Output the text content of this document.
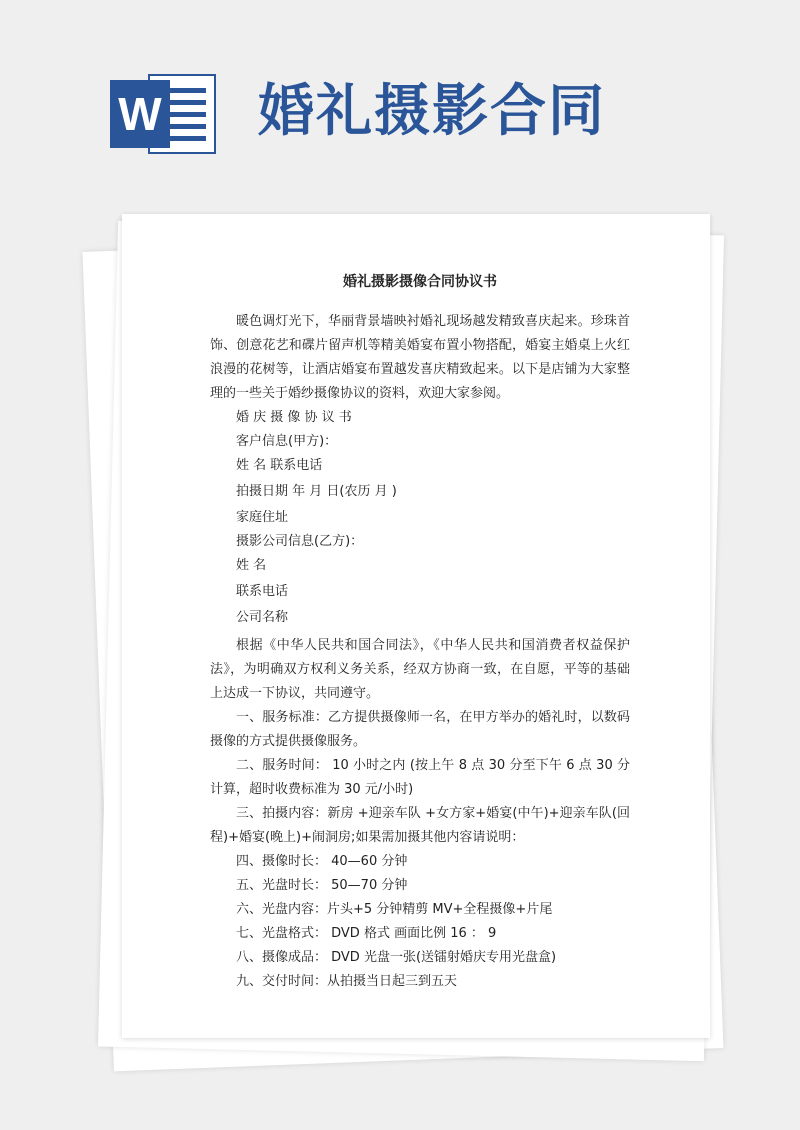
W 婚礼摄影合同
婚礼摄影摄像合同协议书

暖色调灯光下，华丽背景墙映衬婚礼现场越发精致喜庆起来。珍珠首饰、创意花艺和碟片留声机等精美婚宴布置小物搭配，婚宴主婚桌上火红浪漫的花树等，让酒店婚宴布置越发喜庆精致起来。以下是店铺为大家整理的一些关于婚纱摄像协议的资料，欢迎大家参阅。

婚 庆 摄 像 协 议 书

客户信息(甲方)：

姓 名 联系电话

拍摄日期 年 月 日(农历 月 )

家庭住址

摄影公司信息(乙方)：

姓 名

联系电话

公司名称

根据《中华人民共和国合同法》，《中华人民共和国消费者权益保护法》，为明确双方权利义务关系，经双方协商一致，在自愿，平等的基础上达成一下协议，共同遵守。

一、服务标准：乙方提供摄像师一名，在甲方举办的婚礼时，以数码摄像的方式提供摄像服务。

二、服务时间： 10 小时之内 (按上午 8 点 30 分至下午 6 点 30 分计算，超时收费标准为 30 元/小时)

三、拍摄内容：新房 +迎亲车队 +女方家+婚宴(中午)+迎亲车队(回程)+婚宴(晚上)+闹洞房;如果需加摄其他内容请说明：

四、摄像时长： 40—60 分钟

五、光盘时长： 50—70 分钟

六、光盘内容：片头+5 分钟精剪 MV+全程摄像+片尾

七、光盘格式： DVD 格式 画面比例 16 ： 9

八、摄像成品： DVD 光盘一张(送镭射婚庆专用光盘盒)

九、交付时间：从拍摄当日起三到五天
